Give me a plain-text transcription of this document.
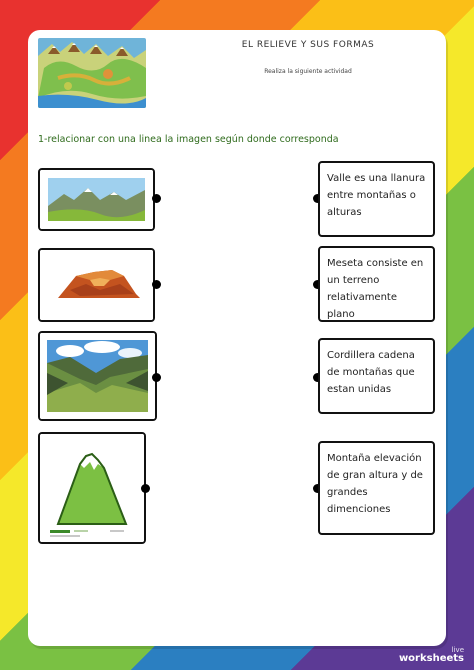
EL RELIEVE Y SUS FORMAS
Realiza la siguiente actividad
1-relacionar con una linea la imagen según donde corresponda
Valle es una llanura entre montañas o alturas
Meseta consiste en un terreno relativamente plano
Cordillera cadena de montañas que estan unidas
Montaña elevación de gran altura y de grandes dimenciones
live
worksheets
